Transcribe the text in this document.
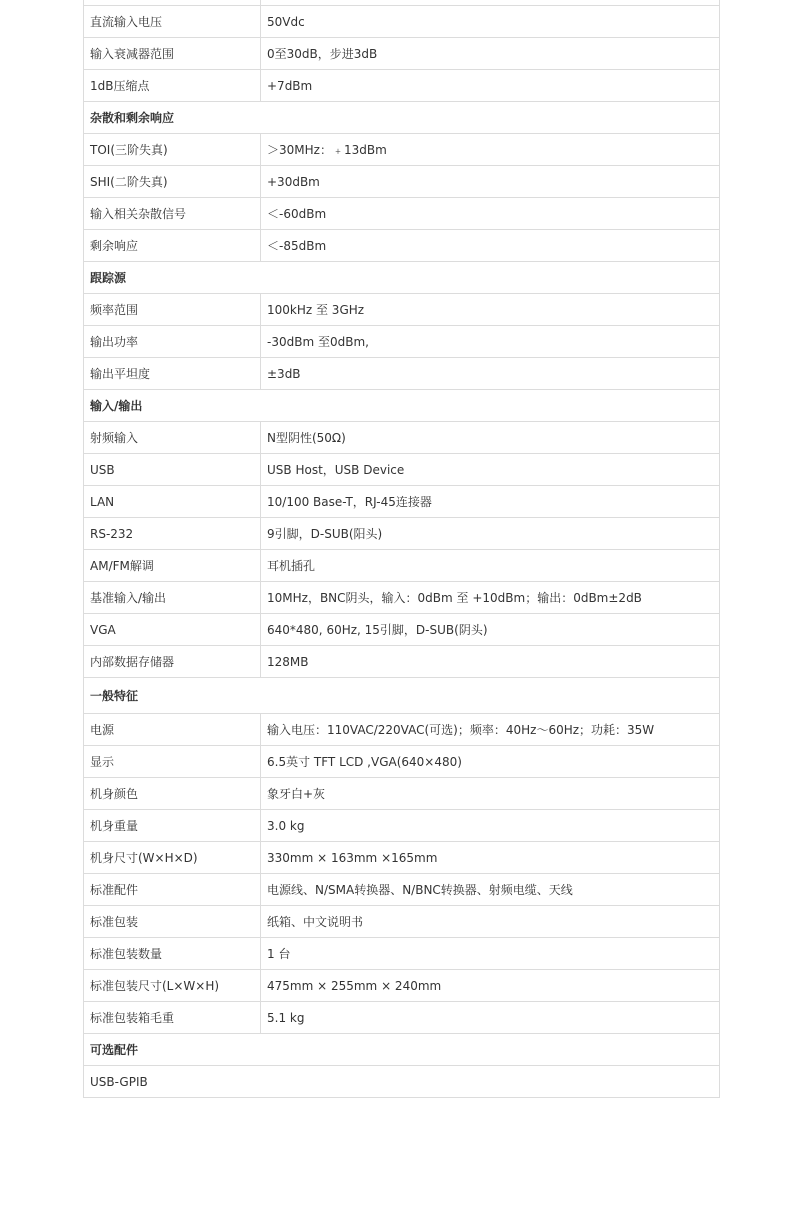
直流输入电压	50Vdc
输入衰减器范围	0至30dB，步进3dB
1dB压缩点	+7dBm
杂散和剩余响应	
TOI(三阶失真)	＞30MHz：﹢13dBm
SHI(二阶失真)	+30dBm
输入相关杂散信号	＜-60dBm
剩余响应	＜-85dBm
跟踪源	
频率范围	100kHz 至 3GHz
输出功率	-30dBm 至0dBm,
输出平坦度	±3dB
输入/输出	
射频输入	N型阴性(50Ω)
USB	USB Host，USB Device
LAN	10/100 Base-T，RJ-45连接器
RS-232	9引脚，D-SUB(阳头)
AM/FM解调	耳机插孔
基准输入/输出	10MHz，BNC阴头，输入：0dBm 至 +10dBm；输出：0dBm±2dB
VGA	640*480, 60Hz, 15引脚，D-SUB(阴头)
内部数据存储器	128MB
一般特征	
电源	输入电压：110VAC/220VAC(可选)；频率：40Hz～60Hz；功耗：35W
显示	6.5英寸 TFT LCD ,VGA(640×480)
机身颜色	象牙白+灰
机身重量	3.0 kg
机身尺寸(W×H×D)	330mm × 163mm ×165mm
标准配件	电源线、N/SMA转换器、N/BNC转换器、射频电缆、天线
标准包装	纸箱、中文说明书
标准包装数量	1 台
标准包装尺寸(L×W×H)	475mm × 255mm × 240mm
标准包装箱毛重	5.1 kg
可选配件	
USB-GPIB	
